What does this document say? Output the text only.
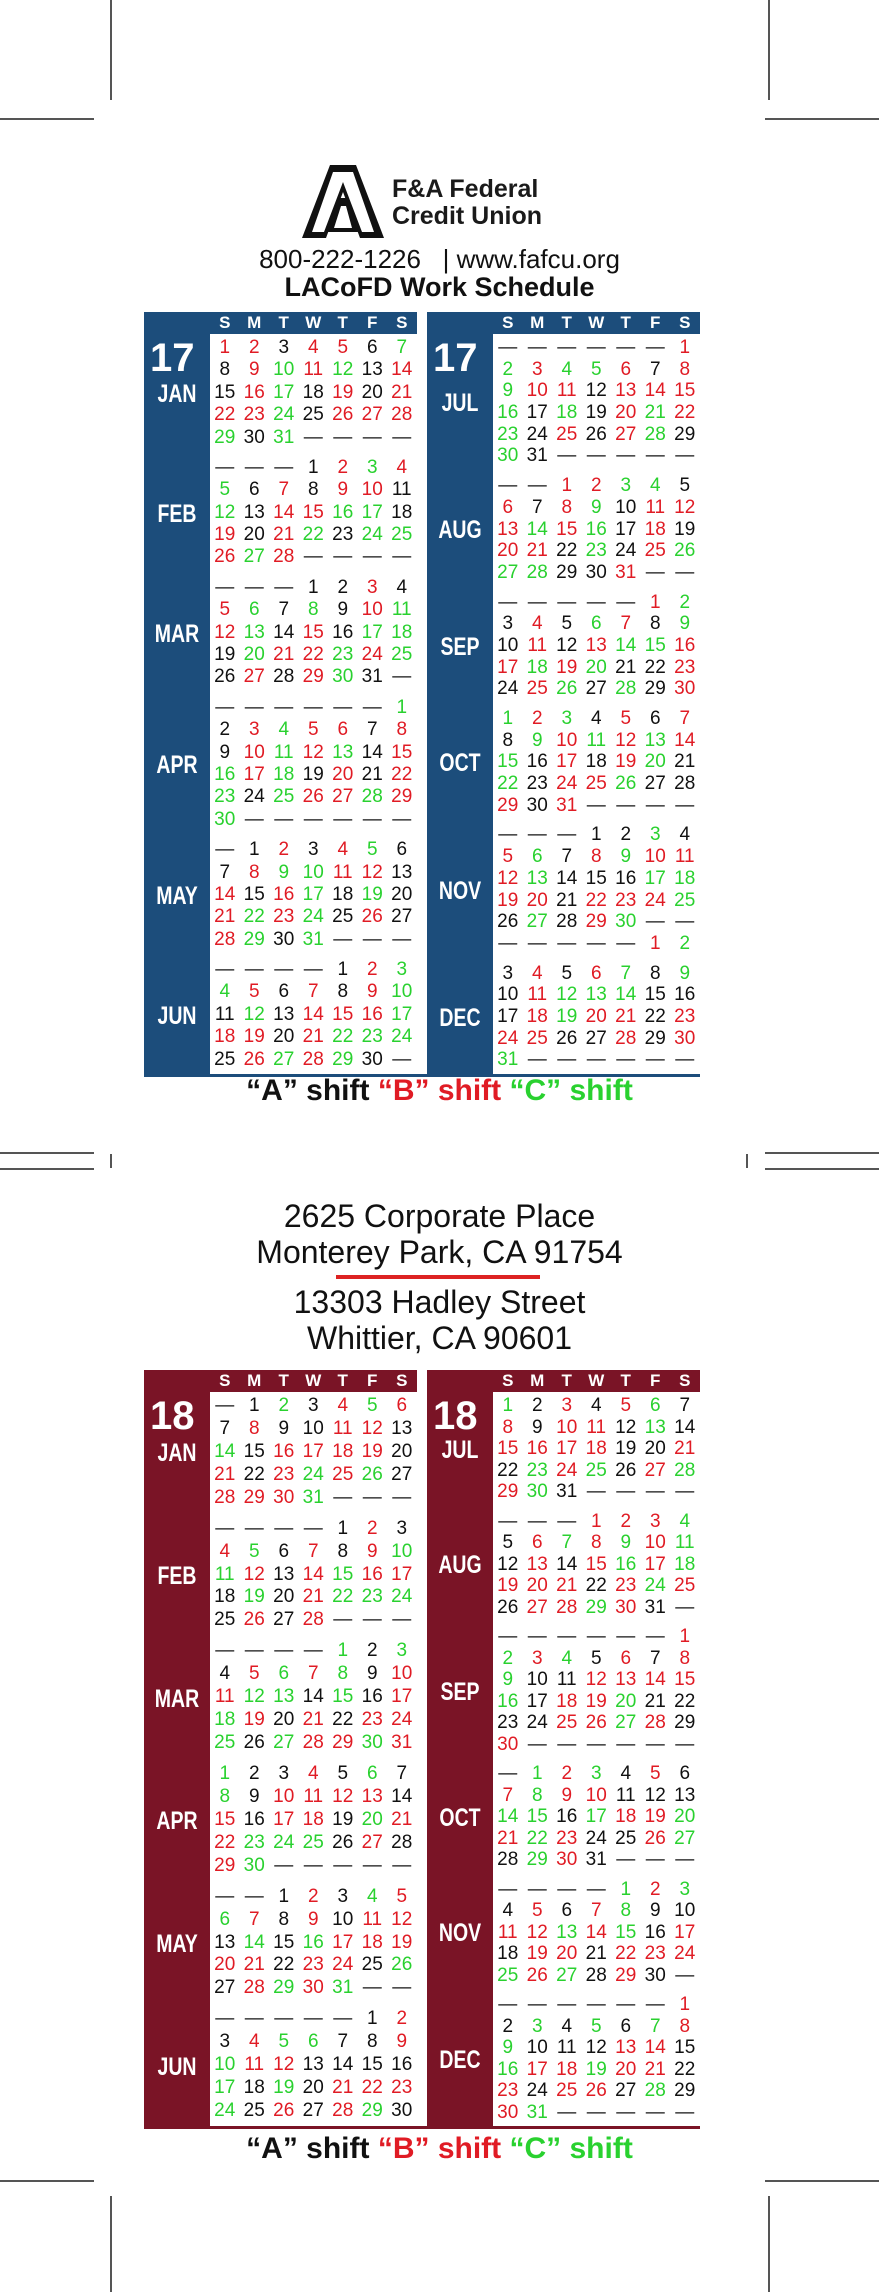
F&A Federal
Credit Union
800-222-1226   | www.fafcu.org
LACoFD Work Schedule
S M	T W T	F	S
1 2 3 4 5 6 7
8 9 10 11 12 13 14
15 16 17 18 19 20 21
22 23 24 25 26 27 28
29 30 31 — — — —
— — — 1 2 3 4
5 6 7 8 9 10 11
12 13 14 15 16 17 18
19 20 21 22 23 24 25
26 27 28 — — — —
— — — 1 2 3 4
5 6 7 8 9 10 11
12 13 14 15 16 17 18
19 20 21 22 23 24 25
26 27 28 29 30 31 —
— — — — — — 1
2 3 4 5 6 7 8
9 10 11 12 13 14 15
16 17 18 19 20 21 22
23 24 25 26 27 28 29
30 — — — — — —
— 1 2 3 4 5 6
7 8 9 10 11 12 13
14 15 16 17 18 19 20
21 22 23 24 25 26 27
28 29 30 31 — — —
— — — — 1 2 3
4 5 6 7 8 9 10
11 12 13 14 15 16 17
18 19 20 21 22 23 24
25 26 27 28 29 30 —
17
JAN
FEB
MAR
APR
MAY
JUN
S M	T W T	F	S
— — — — — — 1
2 3 4 5 6 7 8
9 10 11 12 13 14 15
16 17 18 19 20 21 22
23 24 25 26 27 28 29
30 31 — — — — —
— — 1 2 3 4 5
6 7 8 9 10 11 12
13 14 15 16 17 18 19
20 21 22 23 24 25 26
27 28 29 30 31 — —
— — — — — 1 2
3 4 5 6 7 8 9
10 11 12 13 14 15 16
17 18 19 20 21 22 23
24 25 26 27 28 29 30
1 2 3 4 5 6 7
8 9 10 11 12 13 14
15 16 17 18 19 20 21
22 23 24 25 26 27 28
29 30 31 — — — —
— — — 1 2 3 4
5 6 7 8 9 10 11
12 13 14 15 16 17 18
19 20 21 22 23 24 25
26 27 28 29 30 — —
— — — — — 1 2
3 4 5 6 7 8 9
10 11 12 13 14 15 16
17 18 19 20 21 22 23
24 25 26 27 28 29 30
31 — — — — — —
17
JUL
AUG
SEP
OCT
NOV
DEC
“A” shift “B” shift “C” shift
2625 Corporate Place
Monterey Park, CA 91754
13303 Hadley Street
Whittier, CA 90601
S M	T W T	F	S
— 1 2 3 4 5 6
7 8 9 10 11 12 13
14 15 16 17 18 19 20
21 22 23 24 25 26 27
28 29 30 31 — — —
— — — — 1 2 3
4 5 6 7 8 9 10
11 12 13 14 15 16 17
18 19 20 21 22 23 24
25 26 27 28 — — —
— — — — 1 2 3
4 5 6 7 8 9 10
11 12 13 14 15 16 17
18 19 20 21 22 23 24
25 26 27 28 29 30 31
1 2 3 4 5 6 7
8 9 10 11 12 13 14
15 16 17 18 19 20 21
22 23 24 25 26 27 28
29 30 — — — — —
— — 1 2 3 4 5
6 7 8 9 10 11 12
13 14 15 16 17 18 19
20 21 22 23 24 25 26
27 28 29 30 31 — —
— — — — — 1 2
3 4 5 6 7 8 9
10 11 12 13 14 15 16
17 18 19 20 21 22 23
24 25 26 27 28 29 30
18
JAN
FEB
MAR
APR
MAY
JUN
S M	T W T	F	S
1 2 3 4 5 6 7
8 9 10 11 12 13 14
15 16 17 18 19 20 21
22 23 24 25 26 27 28
29 30 31 — — — —
— — — 1 2 3 4
5 6 7 8 9 10 11
12 13 14 15 16 17 18
19 20 21 22 23 24 25
26 27 28 29 30 31 —
— — — — — — 1
2 3 4 5 6 7 8
9 10 11 12 13 14 15
16 17 18 19 20 21 22
23 24 25 26 27 28 29
30 — — — — — —
— 1 2 3 4 5 6
7 8 9 10 11 12 13
14 15 16 17 18 19 20
21 22 23 24 25 26 27
28 29 30 31 — — —
— — — — 1 2 3
4 5 6 7 8 9 10
11 12 13 14 15 16 17
18 19 20 21 22 23 24
25 26 27 28 29 30 —
— — — — — — 1
2 3 4 5 6 7 8
9 10 11 12 13 14 15
16 17 18 19 20 21 22
23 24 25 26 27 28 29
30 31 — — — — —
18
JUL
AUG
SEP
OCT
NOV
DEC
“A” shift “B” shift “C” shift
